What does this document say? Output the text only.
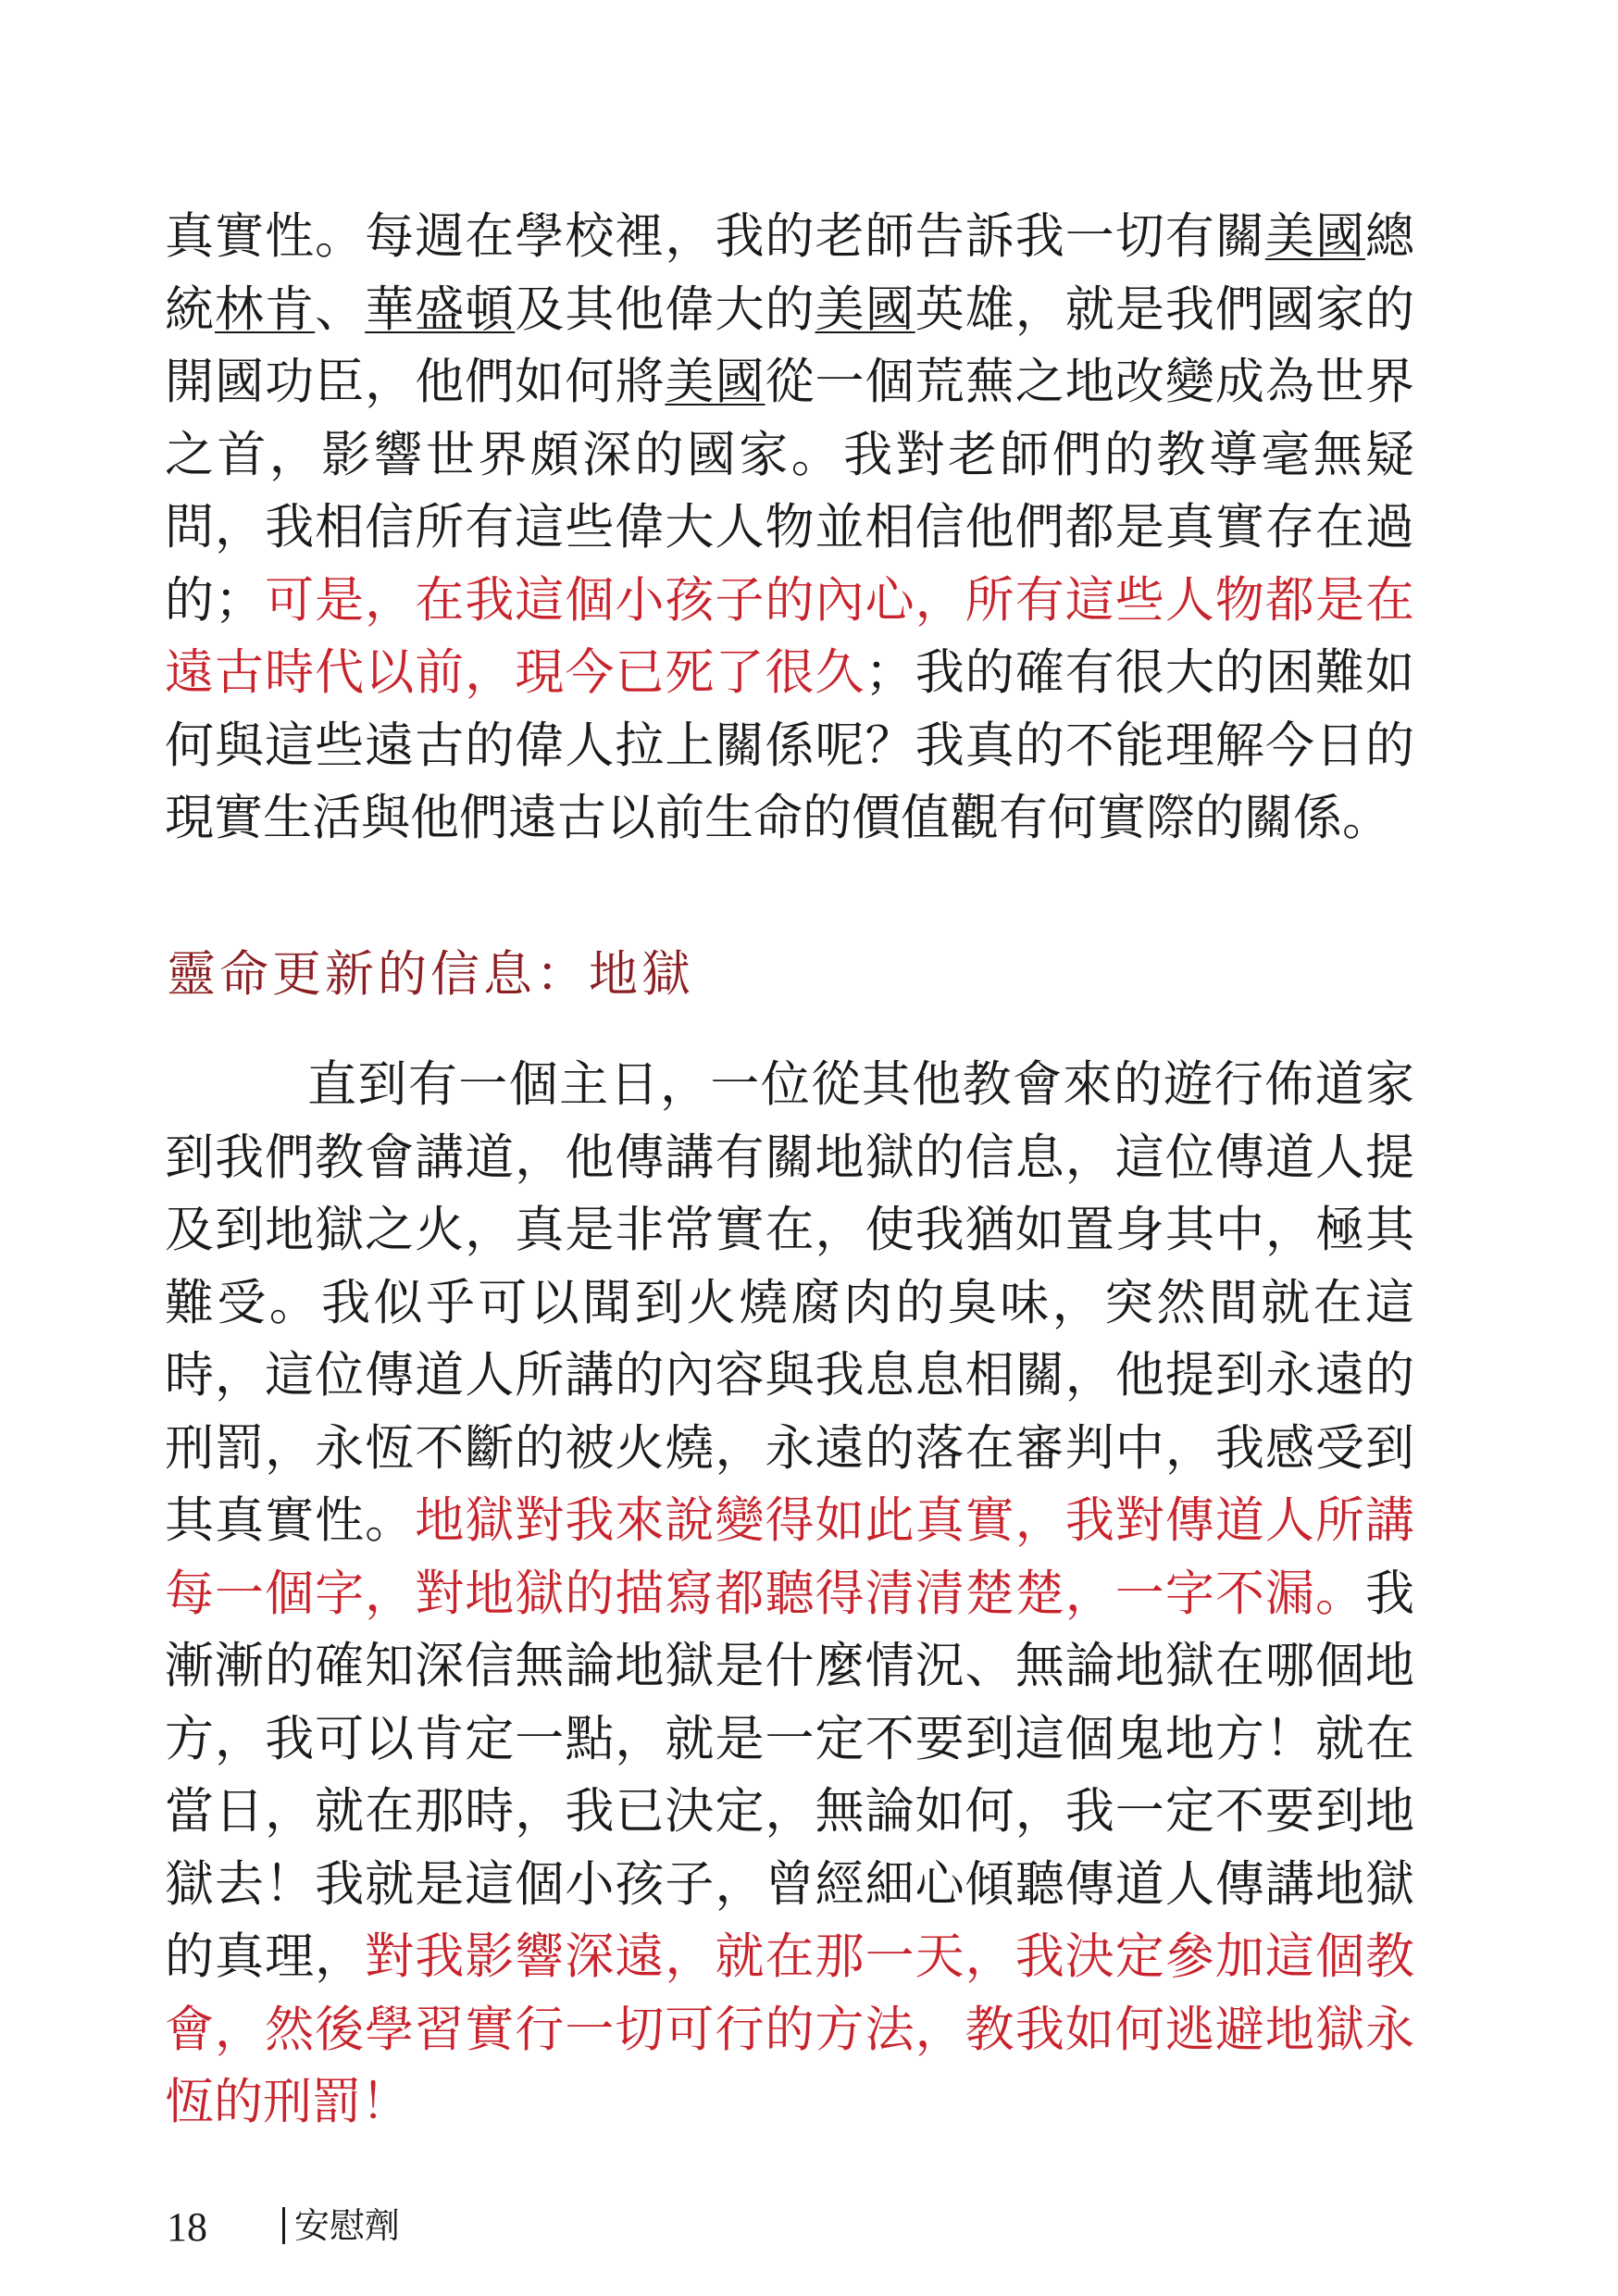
真實性。每週在學校裡，我的老師告訴我一切有關美國總統林肯、華盛頓及其他偉大的美國英雄，就是我們國家的開國功臣，他們如何將美國從一個荒蕪之地改變成為世界之首，影響世界頗深的國家。我對老師們的教導毫無疑問，我相信所有這些偉大人物並相信他們都是真實存在過的；可是，在我這個小孩子的內心，所有這些人物都是在遠古時代以前，現今已死了很久；我的確有很大的困難如何與這些遠古的偉人拉上關係呢？我真的不能理解今日的現實生活與他們遠古以前生命的價值觀有何實際的關係。
靈命更新的信息：地獄
直到有一個主日，一位從其他教會來的遊行佈道家到我們教會講道，他傳講有關地獄的信息，這位傳道人提及到地獄之火，真是非常實在，使我猶如置身其中，極其難受。我似乎可以聞到火燒腐肉的臭味，突然間就在這時，這位傳道人所講的內容與我息息相關，他提到永遠的刑罰，永恆不斷的被火燒，永遠的落在審判中，我感受到其真實性。地獄對我來說變得如此真實，我對傳道人所講每一個字，對地獄的描寫都聽得清清楚楚，一字不漏。我漸漸的確知深信無論地獄是什麼情況、無論地獄在哪個地方，我可以肯定一點，就是一定不要到這個鬼地方！就在當日，就在那時，我已決定，無論如何，我一定不要到地獄去！我就是這個小孩子，曾經細心傾聽傳道人傳講地獄的真理，對我影響深遠，就在那一天，我決定參加這個教會，然後學習實行一切可行的方法，教我如何逃避地獄永恆的刑罰！
18 安慰劑
